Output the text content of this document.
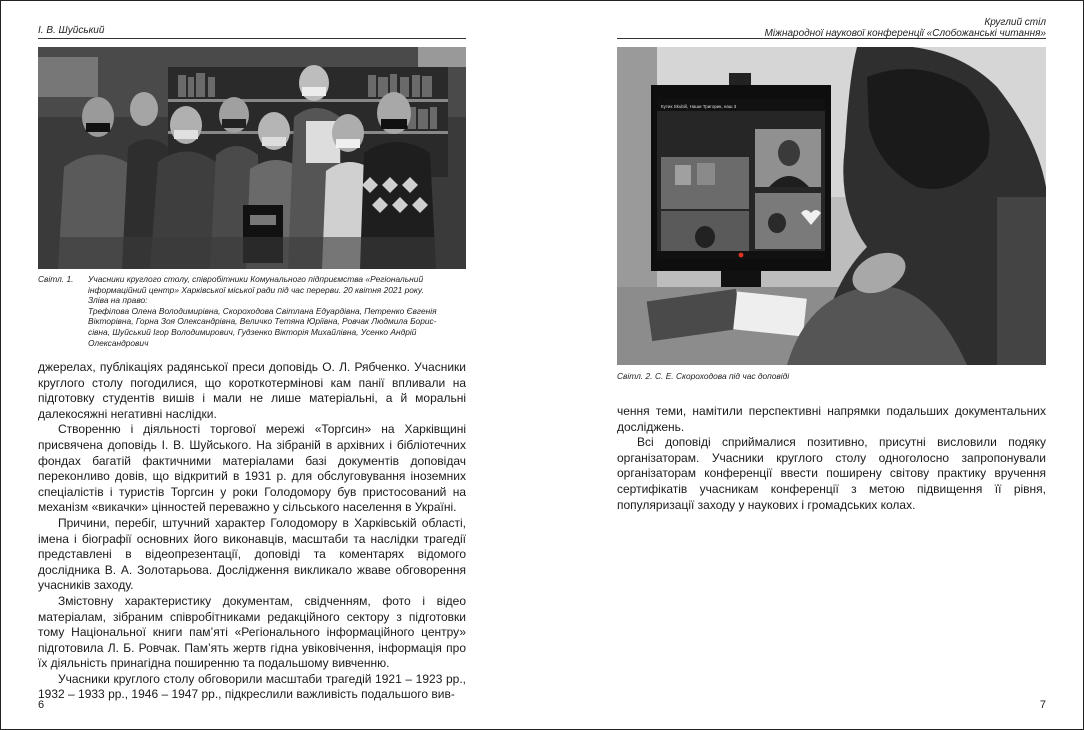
І. В. Шуйський
Світл. 1. Учасники круглого столу, співробітники Комунального підприємства «Регіональний
інформаційний центр» Харківської міської ради під час перерви. 20 квітня 2021 року.
Зліва на право:
Трефілова Олена Володимирівна, Скороходова Світлана Едуардівна, Петренко Євгенія
Вікторівна, Горна Зоя Олександрівна, Величко Тетяна Юріївна, Ровчак Людмила Борис-
сівна, Шуйський Ігор Володимирович, Гудзенко Вікторія Михайлівна, Усенко Андрій
Олександрович

джерелах, публікаціях радянської преси доповідь О. Л. Рябченко. Учасники круглого столу погодилися, що короткотермінові кам панії впливали на підготовку студентів вишів і мали не лише матеріальні, а й моральні далекосяжні негативні наслідки.

Створенню і діяльності торгової мережі «Торгсин» на Харківщині присвячена доповідь І. В. Шуйського. На зібраній в архівних і бібліотечних фондах багатій фактичними матеріалами базі документів доповідач переконливо довів, що відкритий в 1931 р. для обслуговування іноземних спеціалістів і туристів Торгсин у роки Голодомору був пристосований на механізм «викачки» цінностей переважно у сільського населення в Україні.

Причини, перебіг, штучний характер Голодомору в Харківській області, імена і біографії основних його виконавців, масштаби та наслідки трагедії представлені в відеопрезентації, доповіді та коментарях відомого дослідника В. А. Золотарьова. Дослідження викликало жваве обговорення учасників заходу.

Змістовну характеристику документам, свідченням, фото і відео матеріалам, зібраним співробітниками редакційного сектору з підготовки тому Національної книги пам’яті «Регіонального інформаційного центру» підготовила Л. Б. Ровчак. Пам’ять жертв гідна увіковічення, інформація про їх діяльність принагідна поширенню та подальшому вивченню.

Учасники круглого столу обговорили масштаби трагедій 1921 – 1923 рр., 1932 – 1933 рр., 1946 – 1947 рр., підкреслили важливість подальшого вив-

6
Круглий стіл
Міжнародної наукової конференції «Слобожанські читання»
Кутик Skubiš, Наши Тригорик, наш 3
Світл. 2. С. Е. Скороходова під час доповіді

чення теми, намітили перспективні напрямки подальших документальних досліджень.

Всі доповіді сприймалися позитивно, присутні висловили подяку організаторам. Учасники круглого столу одноголосно запропонували організаторам конференції ввести поширену світову практику вручення сертифікатів учасникам конференції з метою підвищення її рівня, популяризації заходу у наукових і громадських колах.

7
